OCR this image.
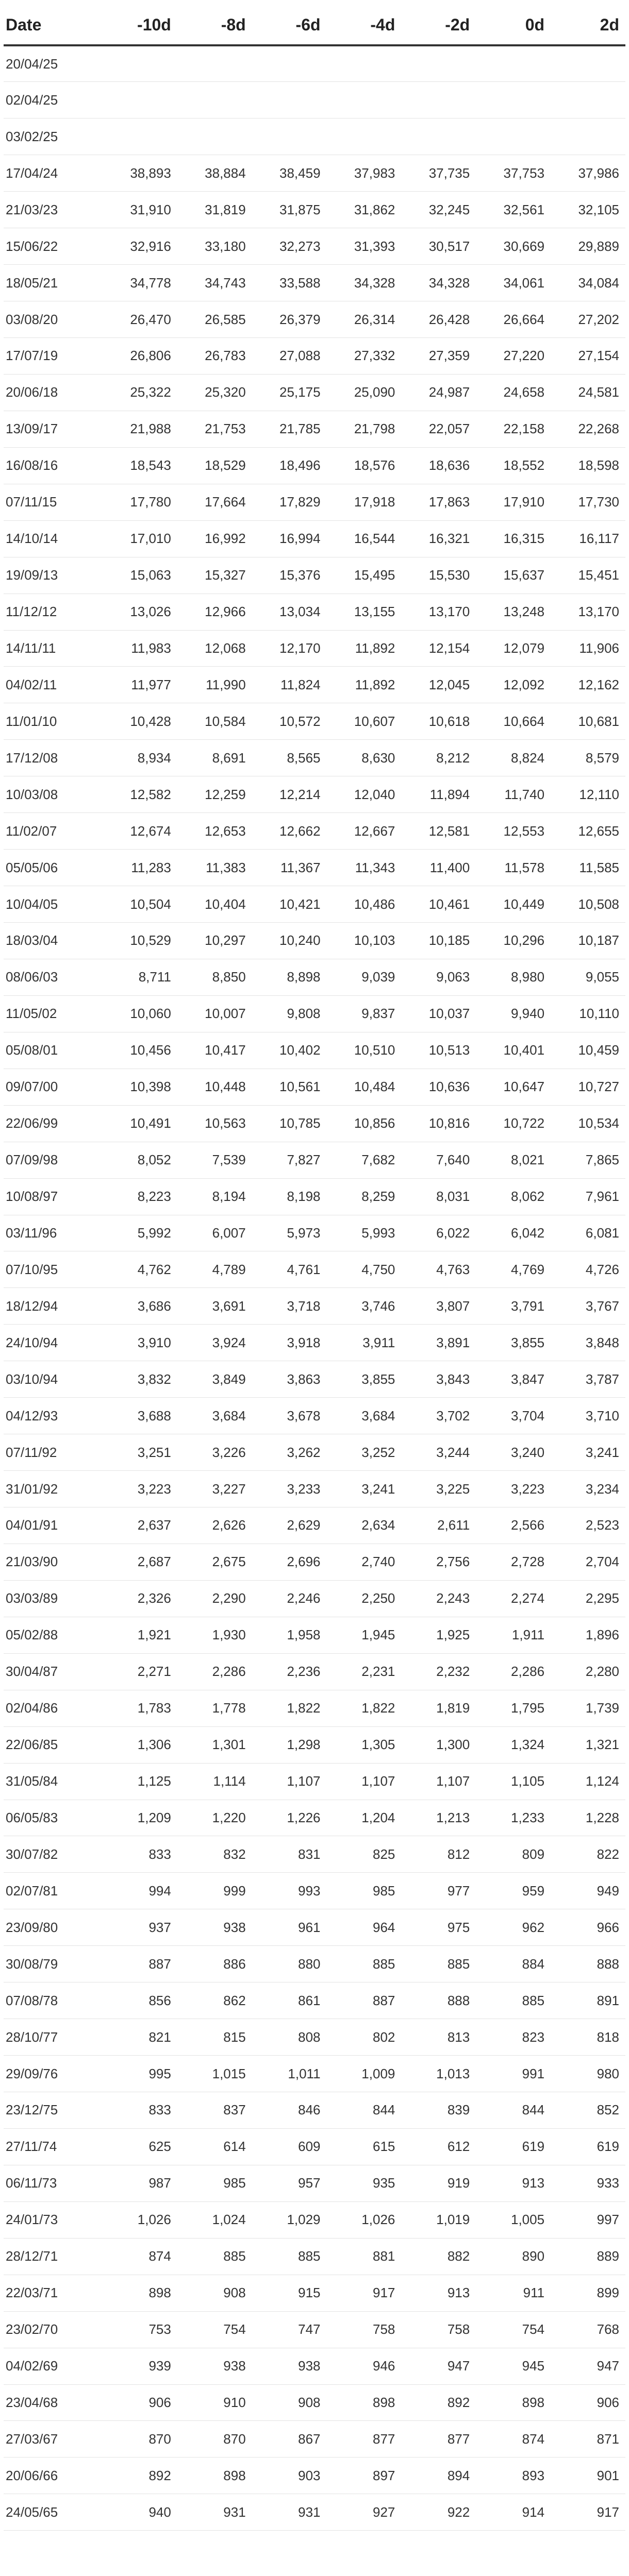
Date	-10d	-8d	-6d	-4d	-2d	0d	2d
20/04/25							
02/04/25							
03/02/25							
17/04/24	38,893	38,884	38,459	37,983	37,735	37,753	37,986
21/03/23	31,910	31,819	31,875	31,862	32,245	32,561	32,105
15/06/22	32,916	33,180	32,273	31,393	30,517	30,669	29,889
18/05/21	34,778	34,743	33,588	34,328	34,328	34,061	34,084
03/08/20	26,470	26,585	26,379	26,314	26,428	26,664	27,202
17/07/19	26,806	26,783	27,088	27,332	27,359	27,220	27,154
20/06/18	25,322	25,320	25,175	25,090	24,987	24,658	24,581
13/09/17	21,988	21,753	21,785	21,798	22,057	22,158	22,268
16/08/16	18,543	18,529	18,496	18,576	18,636	18,552	18,598
07/11/15	17,780	17,664	17,829	17,918	17,863	17,910	17,730
14/10/14	17,010	16,992	16,994	16,544	16,321	16,315	16,117
19/09/13	15,063	15,327	15,376	15,495	15,530	15,637	15,451
11/12/12	13,026	12,966	13,034	13,155	13,170	13,248	13,170
14/11/11	11,983	12,068	12,170	11,892	12,154	12,079	11,906
04/02/11	11,977	11,990	11,824	11,892	12,045	12,092	12,162
11/01/10	10,428	10,584	10,572	10,607	10,618	10,664	10,681
17/12/08	8,934	8,691	8,565	8,630	8,212	8,824	8,579
10/03/08	12,582	12,259	12,214	12,040	11,894	11,740	12,110
11/02/07	12,674	12,653	12,662	12,667	12,581	12,553	12,655
05/05/06	11,283	11,383	11,367	11,343	11,400	11,578	11,585
10/04/05	10,504	10,404	10,421	10,486	10,461	10,449	10,508
18/03/04	10,529	10,297	10,240	10,103	10,185	10,296	10,187
08/06/03	8,711	8,850	8,898	9,039	9,063	8,980	9,055
11/05/02	10,060	10,007	9,808	9,837	10,037	9,940	10,110
05/08/01	10,456	10,417	10,402	10,510	10,513	10,401	10,459
09/07/00	10,398	10,448	10,561	10,484	10,636	10,647	10,727
22/06/99	10,491	10,563	10,785	10,856	10,816	10,722	10,534
07/09/98	8,052	7,539	7,827	7,682	7,640	8,021	7,865
10/08/97	8,223	8,194	8,198	8,259	8,031	8,062	7,961
03/11/96	5,992	6,007	5,973	5,993	6,022	6,042	6,081
07/10/95	4,762	4,789	4,761	4,750	4,763	4,769	4,726
18/12/94	3,686	3,691	3,718	3,746	3,807	3,791	3,767
24/10/94	3,910	3,924	3,918	3,911	3,891	3,855	3,848
03/10/94	3,832	3,849	3,863	3,855	3,843	3,847	3,787
04/12/93	3,688	3,684	3,678	3,684	3,702	3,704	3,710
07/11/92	3,251	3,226	3,262	3,252	3,244	3,240	3,241
31/01/92	3,223	3,227	3,233	3,241	3,225	3,223	3,234
04/01/91	2,637	2,626	2,629	2,634	2,611	2,566	2,523
21/03/90	2,687	2,675	2,696	2,740	2,756	2,728	2,704
03/03/89	2,326	2,290	2,246	2,250	2,243	2,274	2,295
05/02/88	1,921	1,930	1,958	1,945	1,925	1,911	1,896
30/04/87	2,271	2,286	2,236	2,231	2,232	2,286	2,280
02/04/86	1,783	1,778	1,822	1,822	1,819	1,795	1,739
22/06/85	1,306	1,301	1,298	1,305	1,300	1,324	1,321
31/05/84	1,125	1,114	1,107	1,107	1,107	1,105	1,124
06/05/83	1,209	1,220	1,226	1,204	1,213	1,233	1,228
30/07/82	833	832	831	825	812	809	822
02/07/81	994	999	993	985	977	959	949
23/09/80	937	938	961	964	975	962	966
30/08/79	887	886	880	885	885	884	888
07/08/78	856	862	861	887	888	885	891
28/10/77	821	815	808	802	813	823	818
29/09/76	995	1,015	1,011	1,009	1,013	991	980
23/12/75	833	837	846	844	839	844	852
27/11/74	625	614	609	615	612	619	619
06/11/73	987	985	957	935	919	913	933
24/01/73	1,026	1,024	1,029	1,026	1,019	1,005	997
28/12/71	874	885	885	881	882	890	889
22/03/71	898	908	915	917	913	911	899
23/02/70	753	754	747	758	758	754	768
04/02/69	939	938	938	946	947	945	947
23/04/68	906	910	908	898	892	898	906
27/03/67	870	870	867	877	877	874	871
20/06/66	892	898	903	897	894	893	901
24/05/65	940	931	931	927	922	914	917
